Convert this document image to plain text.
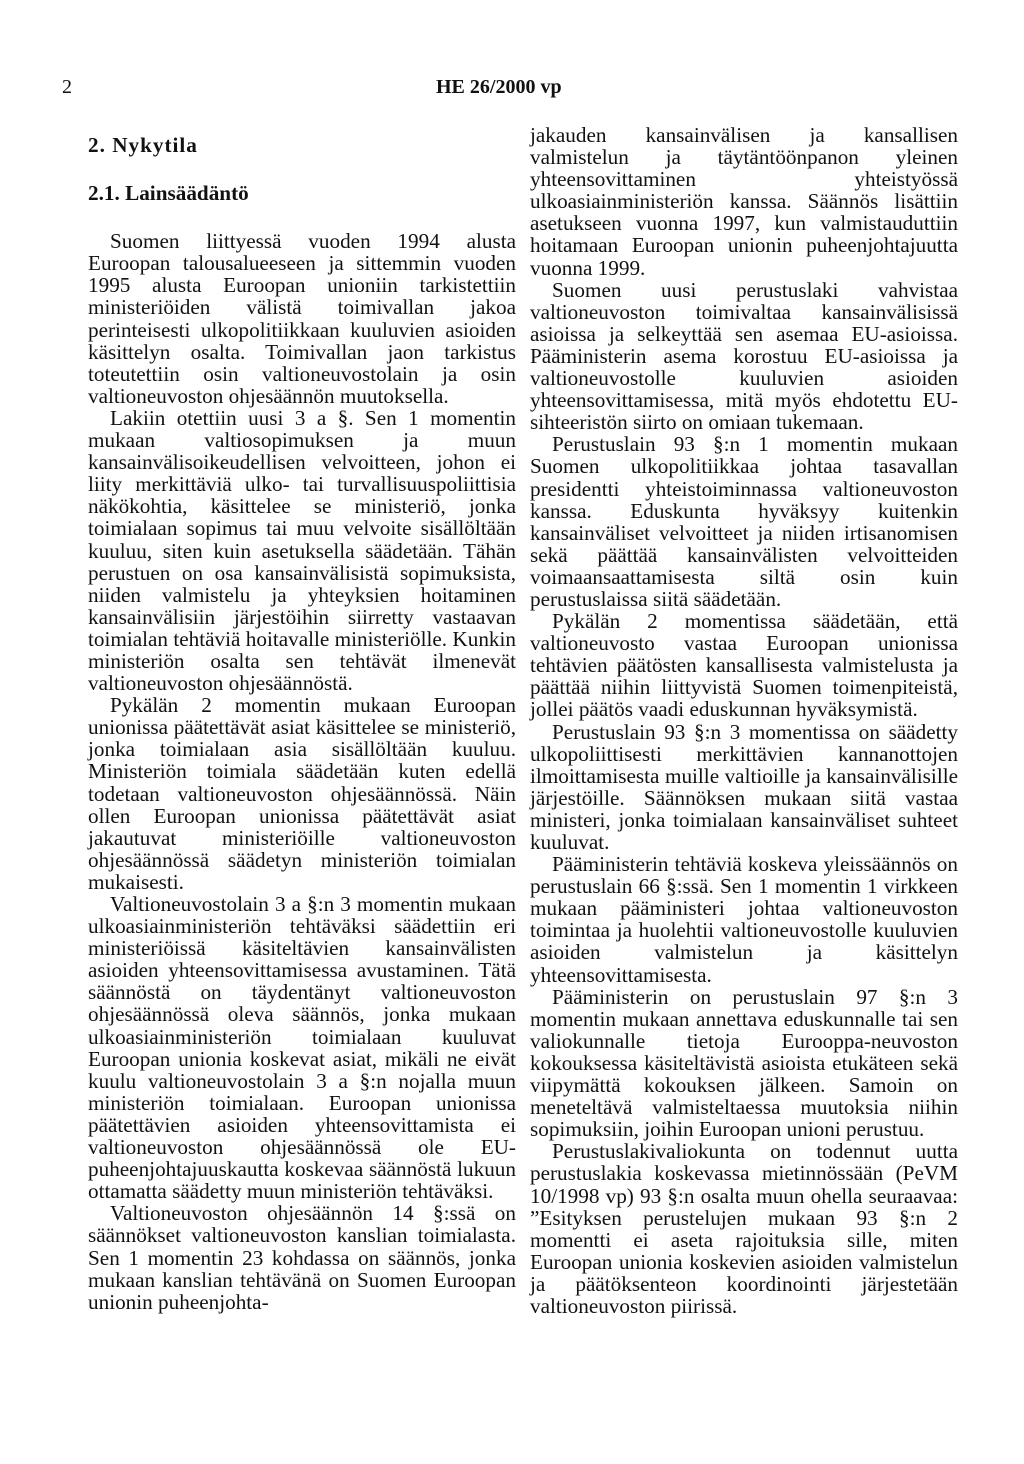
2	HE 26/2000 vp
2. Nykytila
2.1. Lainsäädäntö

Suomen liittyessä vuoden 1994 alusta Euroopan talousalueeseen ja sittemmin vuoden 1995 alusta Euroopan unioniin tarkistettiin ministeriöiden välistä toimivallan jakoa perinteisesti ulkopolitiikkaan kuuluvien asioiden käsittelyn osalta. Toimivallan jaon tarkistus toteutettiin osin valtioneuvostolain ja osin valtioneuvoston ohjesäännön muutoksella.

Lakiin otettiin uusi 3 a §. Sen 1 momentin mukaan valtiosopimuksen ja muun kansainvälisoikeudellisen velvoitteen, johon ei liity merkittäviä ulko- tai turvallisuuspoliittisia näkökohtia, käsittelee se ministeriö, jonka toimialaan sopimus tai muu velvoite sisällöltään kuuluu, siten kuin asetuksella säädetään. Tähän perustuen on osa kansainvälisistä sopimuksista, niiden valmistelu ja yhteyksien hoitaminen kansainvälisiin järjestöihin siirretty vastaavan toimialan tehtäviä hoitavalle ministeriölle. Kunkin ministeriön osalta sen tehtävät ilmenevät valtioneuvoston ohjesäännöstä.

Pykälän 2 momentin mukaan Euroopan unionissa päätettävät asiat käsittelee se ministeriö, jonka toimialaan asia sisällöltään kuuluu. Ministeriön toimiala säädetään kuten edellä todetaan valtioneuvoston ohjesäännössä. Näin ollen Euroopan unionissa päätettävät asiat jakautuvat ministeriöille valtioneuvoston ohjesäännössä säädetyn ministeriön toimialan mukaisesti.

Valtioneuvostolain 3 a §:n 3 momentin mukaan ulkoasiainministeriön tehtäväksi säädettiin eri ministeriöissä käsiteltävien kansainvälisten asioiden yhteensovittamisessa avustaminen. Tätä säännöstä on täydentänyt valtioneuvoston ohjesäännössä oleva säännös, jonka mukaan ulkoasiainministeriön toimialaan kuuluvat Euroopan unionia koskevat asiat, mikäli ne eivät kuulu valtioneuvostolain 3 a §:n nojalla muun ministeriön toimialaan. Euroopan unionissa päätettävien asioiden yhteensovittamista ei valtioneuvoston ohjesäännössä ole EU-puheenjohtajuuskautta koskevaa säännöstä lukuun ottamatta säädetty muun ministeriön tehtäväksi.

Valtioneuvoston ohjesäännön 14 §:ssä on säännökset valtioneuvoston kanslian toimialasta. Sen 1 momentin 23 kohdassa on säännös, jonka mukaan kanslian tehtävänä on Suomen Euroopan unionin puheenjohta-

jakauden kansainvälisen ja kansallisen valmistelun ja täytäntöönpanon yleinen yhteensovittaminen yhteistyössä ulkoasiainministeriön kanssa. Säännös lisättiin asetukseen vuonna 1997, kun valmistauduttiin hoitamaan Euroopan unionin puheenjohtajuutta vuonna 1999.

Suomen uusi perustuslaki vahvistaa valtioneuvoston toimivaltaa kansainvälisissä asioissa ja selkeyttää sen asemaa EU-asioissa. Pääministerin asema korostuu EU-asioissa ja valtioneuvostolle kuuluvien asioiden yhteensovittamisessa, mitä myös ehdotettu EU-sihteeristön siirto on omiaan tukemaan.

Perustuslain 93 §:n 1 momentin mukaan Suomen ulkopolitiikkaa johtaa tasavallan presidentti yhteistoiminnassa valtioneuvoston kanssa. Eduskunta hyväksyy kuitenkin kansainväliset velvoitteet ja niiden irtisanomisen sekä päättää kansainvälisten velvoitteiden voimaansaattamisesta siltä osin kuin perustuslaissa siitä säädetään.

Pykälän 2 momentissa säädetään, että valtioneuvosto vastaa Euroopan unionissa tehtävien päätösten kansallisesta valmistelusta ja päättää niihin liittyvistä Suomen toimenpiteistä, jollei päätös vaadi eduskunnan hyväksymistä.

Perustuslain 93 §:n 3 momentissa on säädetty ulkopoliittisesti merkittävien kannanottojen ilmoittamisesta muille valtioille ja kansainvälisille järjestöille. Säännöksen mukaan siitä vastaa ministeri, jonka toimialaan kansainväliset suhteet kuuluvat.

Pääministerin tehtäviä koskeva yleissäännös on perustuslain 66 §:ssä. Sen 1 momentin 1 virkkeen mukaan pääministeri johtaa valtioneuvoston toimintaa ja huolehtii valtioneuvostolle kuuluvien asioiden valmistelun ja käsittelyn yhteensovittamisesta.

Pääministerin on perustuslain 97 §:n 3 momentin mukaan annettava eduskunnalle tai sen valiokunnalle tietoja Eurooppa-neuvoston kokouksessa käsiteltävistä asioista etukäteen sekä viipymättä kokouksen jälkeen. Samoin on meneteltävä valmisteltaessa muutoksia niihin sopimuksiin, joihin Euroopan unioni perustuu.

Perustuslakivaliokunta on todennut uutta perustuslakia koskevassa mietinnössään (PeVM 10/1998 vp) 93 §:n osalta muun ohella seuraavaa: ”Esityksen perustelujen mukaan 93 §:n 2 momentti ei aseta rajoituksia sille, miten Euroopan unionia koskevien asioiden valmistelun ja päätöksenteon koordinointi järjestetään valtioneuvoston piirissä.
